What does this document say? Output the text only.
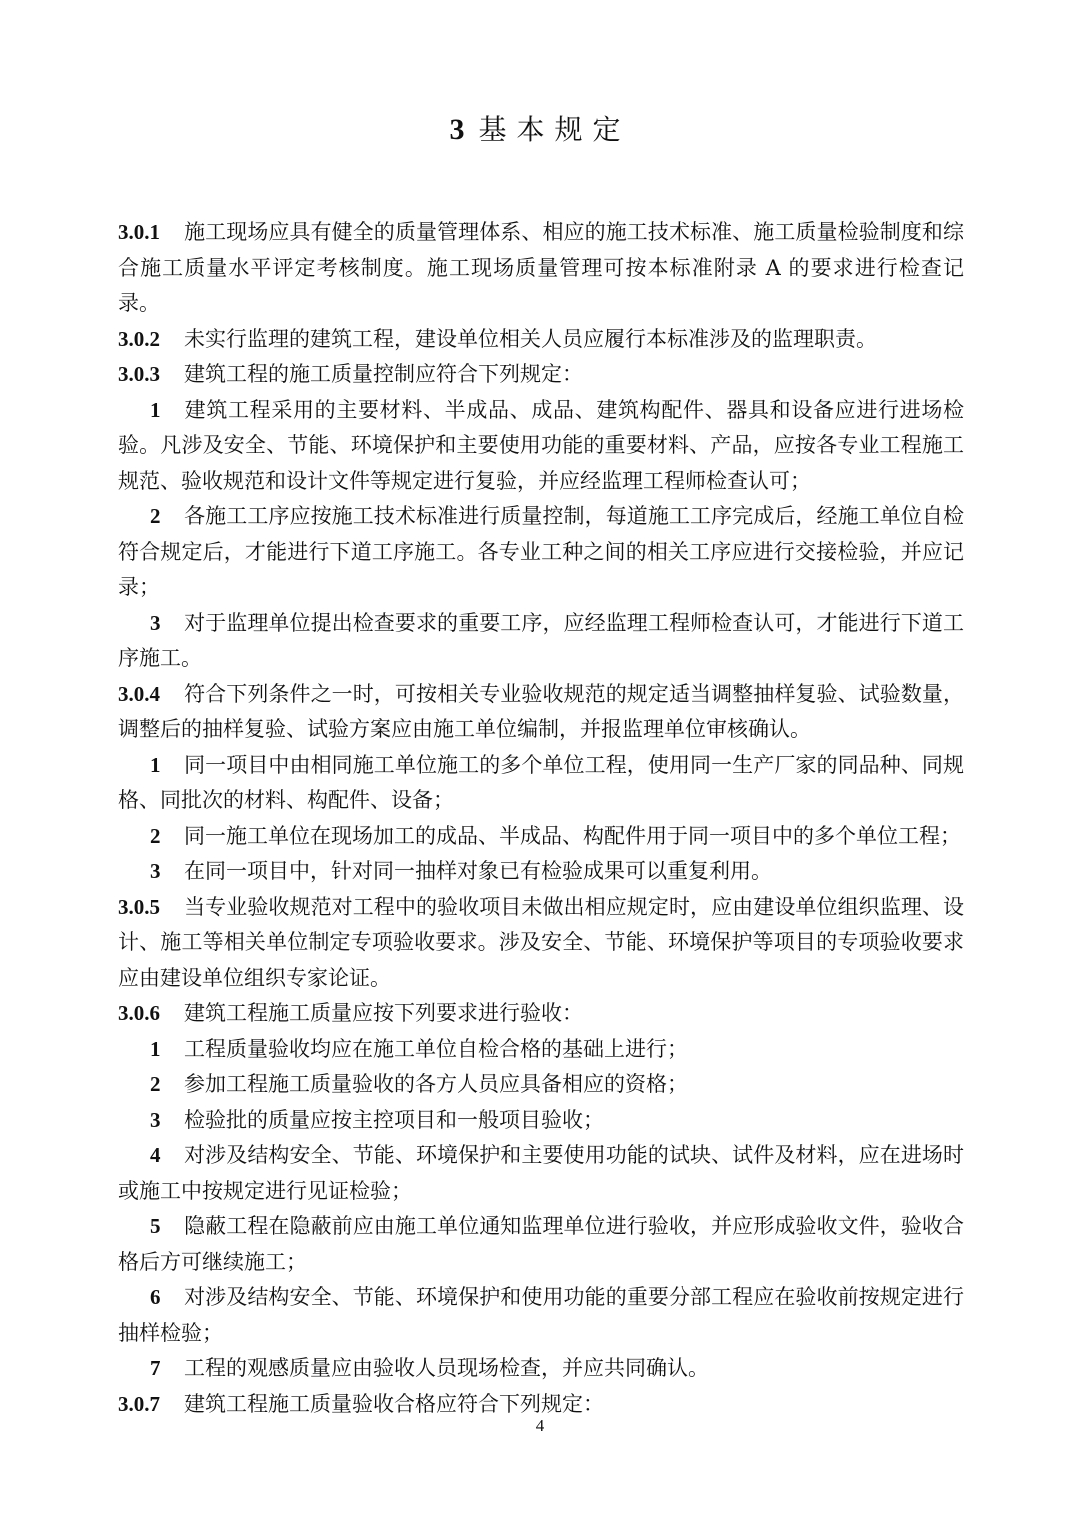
3 基本规定

3.0.1 施工现场应具有健全的质量管理体系、相应的施工技术标准、施工质量检验制度和综合施工质量水平评定考核制度。施工现场质量管理可按本标准附录 A 的要求进行检查记录。

3.0.2 未实行监理的建筑工程，建设单位相关人员应履行本标准涉及的监理职责。

3.0.3 建筑工程的施工质量控制应符合下列规定：

1 建筑工程采用的主要材料、半成品、成品、建筑构配件、器具和设备应进行进场检验。凡涉及安全、节能、环境保护和主要使用功能的重要材料、产品，应按各专业工程施工规范、验收规范和设计文件等规定进行复验，并应经监理工程师检查认可；

2 各施工工序应按施工技术标准进行质量控制，每道施工工序完成后，经施工单位自检符合规定后，才能进行下道工序施工。各专业工种之间的相关工序应进行交接检验，并应记录；

3 对于监理单位提出检查要求的重要工序，应经监理工程师检查认可，才能进行下道工序施工。

3.0.4 符合下列条件之一时，可按相关专业验收规范的规定适当调整抽样复验、试验数量，调整后的抽样复验、试验方案应由施工单位编制，并报监理单位审核确认。

1 同一项目中由相同施工单位施工的多个单位工程，使用同一生产厂家的同品种、同规格、同批次的材料、构配件、设备；

2 同一施工单位在现场加工的成品、半成品、构配件用于同一项目中的多个单位工程；

3 在同一项目中，针对同一抽样对象已有检验成果可以重复利用。

3.0.5 当专业验收规范对工程中的验收项目未做出相应规定时，应由建设单位组织监理、设计、施工等相关单位制定专项验收要求。涉及安全、节能、环境保护等项目的专项验收要求应由建设单位组织专家论证。

3.0.6 建筑工程施工质量应按下列要求进行验收：

1 工程质量验收均应在施工单位自检合格的基础上进行；

2 参加工程施工质量验收的各方人员应具备相应的资格；

3 检验批的质量应按主控项目和一般项目验收；

4 对涉及结构安全、节能、环境保护和主要使用功能的试块、试件及材料，应在进场时或施工中按规定进行见证检验；

5 隐蔽工程在隐蔽前应由施工单位通知监理单位进行验收，并应形成验收文件，验收合格后方可继续施工；

6 对涉及结构安全、节能、环境保护和使用功能的重要分部工程应在验收前按规定进行抽样检验；

7 工程的观感质量应由验收人员现场检查，并应共同确认。

3.0.7 建筑工程施工质量验收合格应符合下列规定：

4
